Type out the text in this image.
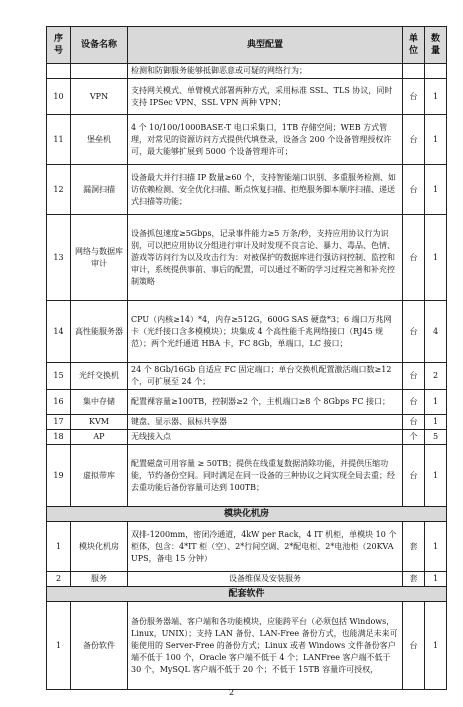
序号	设备名称	典型配置	单位	数量
		检测和防御服务能够抵御恶意或可疑的网络行为；		
10	VPN	支持网关模式、单臂模式部署两种方式，采用标准 SSL、TLS 协议，同时支持 IPSec VPN、SSL VPN 两种 VPN；	台	1
11	堡垒机	4 个 10/100/1000BASE-T 电口采集口，1TB 存储空间；WEB 方式管理，对常见的资源访问方式提供代填登录，设备含 200 个设备管理授权许可，最大能够扩展到 5000 个设备管理许可；	台	1
12	漏洞扫描	设备最大并行扫描 IP 数量≥60 个，支持智能端口识别、多重服务检测、如访依赖检测、安全优化扫描、断点恢复扫描、拒绝服务脚本顺序扫描、递送式扫描等功能；	台	1
13	网络与数据库审计	设备抓包速度≥5Gbps，记录事件能力≥5 万条/秒，支持应用协议行为识别，可以把应用协议分组进行审计及时发现不良言论、暴力、毒品、色情、游戏等访问行为以及攻击行为：对被保护的数据库进行强访问控制、监控和审计，系统提供事前、事后的配置，可以通过不断的学习过程完善和补充控制策略	台	1
14	高性能服务器	CPU（内核≥14）*4，内存≥512G，600G SAS 硬盘*3；6 端口万兆网卡（光纤接口含多模模块）；块集成 4 个高性能千兆网络接口（RJ45 规范）；两个光纤通道 HBA 卡，FC 8Gb，单端口，LC 接口；	台	4
15	光纤交换机	24 个 8Gb/16Gb 自适应 FC 固定端口；单台交换机配置激活端口数≥12 个，可扩展至 24 个；	台	2
16	集中存储	配置裸容量≥100TB，控制器≥2 个，主机端口≥8 个 8Gbps FC 接口；	台	1
17	KVM	键盘、显示器、鼠标共享器	台	1
18	AP	无线接入点	个	5
19	虚拟带库	配置磁盘可用容量 ≥ 50TB；提供在线重复数据消除功能，并提供压缩功能，节约备份空间。同时满足在同一设备的三种协议之间实现全局去重；经去重功能后备份容量可达到 100TB；	台	1
模块化机房				
1	模块化机房	双排-1200mm，密闭冷通道，4kW per Rack，4 IT 机柜，单模块 10 个柜体，包含：4*IT 柜（空）、2*行间空调、2*配电柜、2*电池柜（20KVA UPS，备电 15 分钟）	套	1
2	服务	设备维保及安装服务	套	1
配套软件				
1	备份软件	备份服务器端、客户端和各功能模块，应能跨平台（必须包括 Windows，Linux，UNIX）；支持 LAN 备份、LAN-Free 备份方式，也能满足未来可能使用的 Server-Free 的备份方式；Linux 或者 Windows 文件备份客户端不低于 100 个，Oracle 客户端不低于 4 个；LANFree 客户端不低于 30 个，MySQL 客户端不低于 20 个；不低于 15TB 容量许可授权，	台	1
2
